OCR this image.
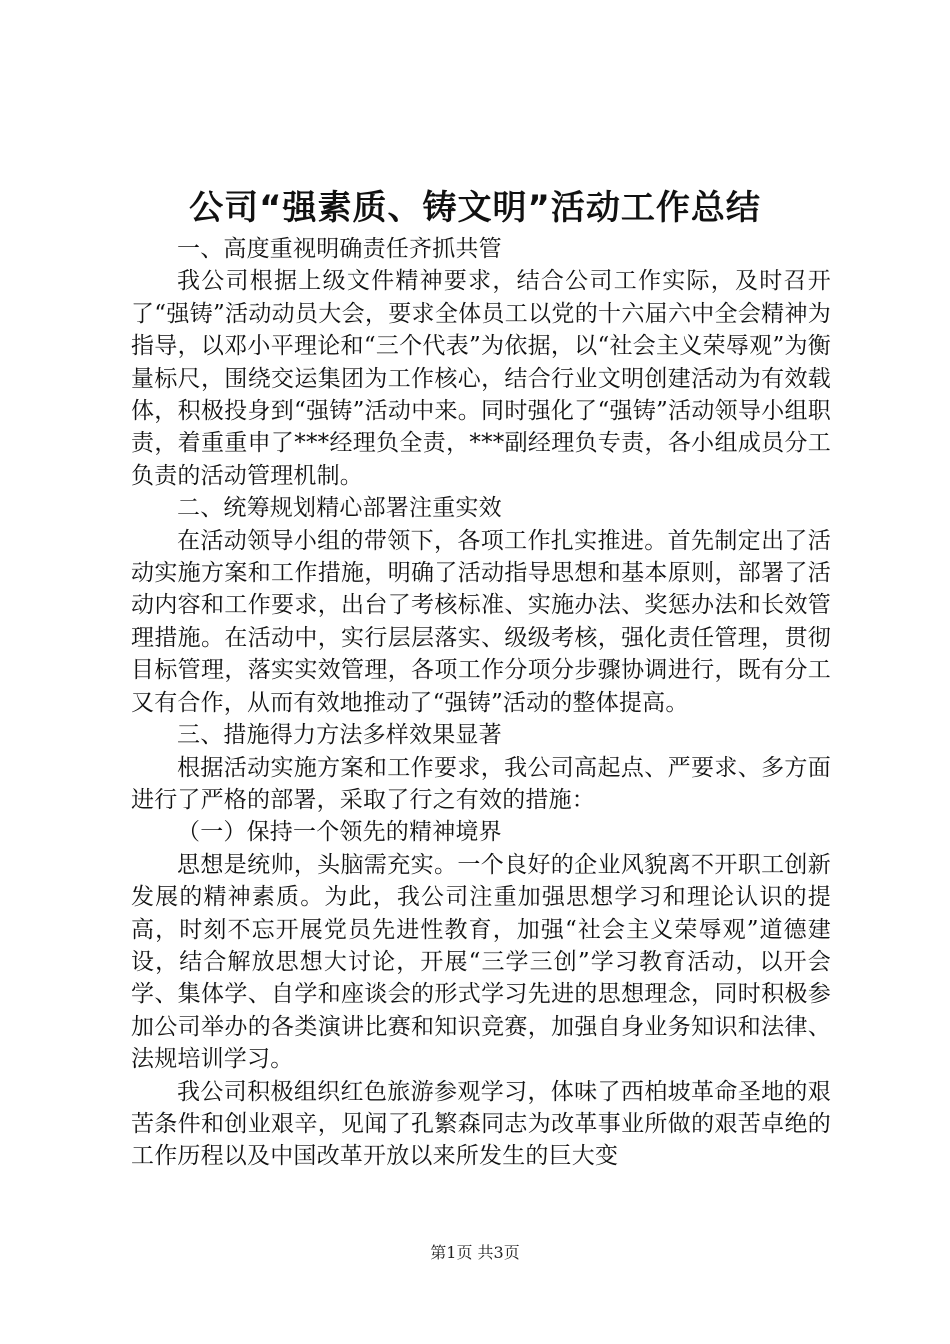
公司“强素质、铸文明”活动工作总结

一、高度重视明确责任齐抓共管

我公司根据上级文件精神要求，结合公司工作实际，及时召开了“强铸”活动动员大会，要求全体员工以党的十六届六中全会精神为指导，以邓小平理论和“三个代表”为依据，以“社会主义荣辱观”为衡量标尺，围绕交运集团为工作核心，结合行业文明创建活动为有效载体，积极投身到“强铸”活动中来。同时强化了“强铸”活动领导小组职责，着重重申了***经理负全责，***副经理负专责，各小组成员分工负责的活动管理机制。

二、统筹规划精心部署注重实效

在活动领导小组的带领下，各项工作扎实推进。首先制定出了活动实施方案和工作措施，明确了活动指导思想和基本原则，部署了活动内容和工作要求，出台了考核标准、实施办法、奖惩办法和长效管理措施。在活动中，实行层层落实、级级考核，强化责任管理，贯彻目标管理，落实实效管理，各项工作分项分步骤协调进行，既有分工又有合作，从而有效地推动了“强铸”活动的整体提高。

三、措施得力方法多样效果显著

根据活动实施方案和工作要求，我公司高起点、严要求、多方面进行了严格的部署，采取了行之有效的措施：

（一）保持一个领先的精神境界

思想是统帅，头脑需充实。一个良好的企业风貌离不开职工创新发展的精神素质。为此，我公司注重加强思想学习和理论认识的提高，时刻不忘开展党员先进性教育，加强“社会主义荣辱观”道德建设，结合解放思想大讨论，开展“三学三创”学习教育活动，以开会学、集体学、自学和座谈会的形式学习先进的思想理念，同时积极参加公司举办的各类演讲比赛和知识竞赛，加强自身业务知识和法律、法规培训学习。

我公司积极组织红色旅游参观学习，体味了西柏坡革命圣地的艰苦条件和创业艰辛，见闻了孔繁森同志为改革事业所做的艰苦卓绝的工作历程以及中国改革开放以来所发生的巨大变

第1页 共3页
